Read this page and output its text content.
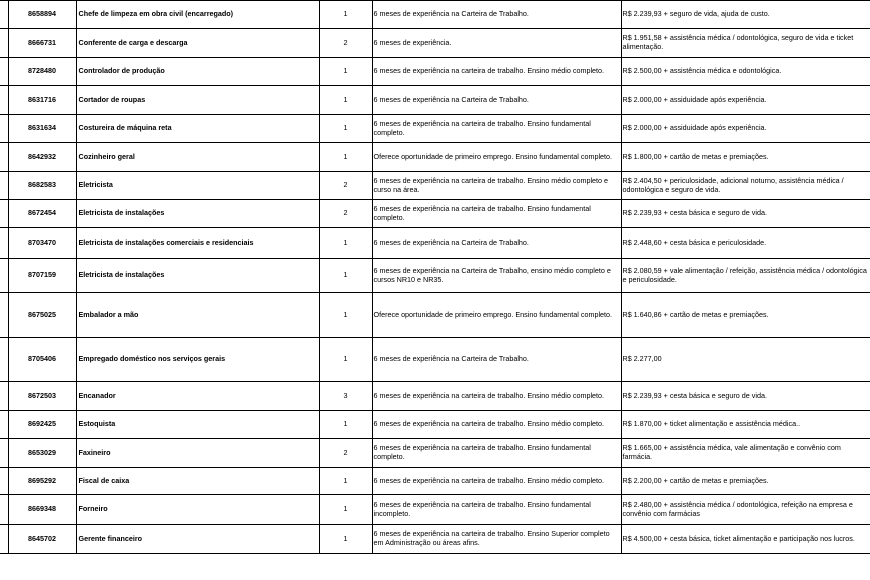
	8658894	Chefe de limpeza em obra civil (encarregado)	1	6 meses de experiência na Carteira de Trabalho.	R$ 2.239,93 + seguro de vida, ajuda de custo.	
	8666731	Conferente de carga e descarga	2	6 meses de experiência.	R$ 1.951,58 + assistência médica / odontológica, seguro de vida e ticket alimentação.	
	8728480	Controlador de produção	1	6 meses de experiência na carteira de trabalho. Ensino médio completo.	R$ 2.500,00 + assistência médica e odontológica.	
	8631716	Cortador de roupas	1	6 meses de experiência na Carteira de Trabalho.	R$ 2.000,00 + assiduidade após experiência.	
	8631634	Costureira de máquina reta	1	6 meses de experiência na carteira de trabalho. Ensino fundamental completo.	R$ 2.000,00 + assiduidade após experiência.	
	8642932	Cozinheiro geral	1	Oferece oportunidade de primeiro emprego. Ensino fundamental completo.	R$ 1.800,00 + cartão de metas e premiações.	
	8682583	Eletricista	2	6 meses de experiência na carteira de trabalho. Ensino médio completo e curso na área.	R$ 2.404,50 + periculosidade, adicional noturno, assistência médica / odontológica e seguro de vida.	
	8672454	Eletricista de instalações	2	6 meses de experiência na carteira de trabalho. Ensino fundamental completo.	R$ 2.239,93 + cesta básica e seguro de vida.	
	8703470	Eletricista de instalações comerciais e residenciais	1	6 meses de experiência na Carteira de Trabalho.	R$ 2.448,60 + cesta básica e periculosidade.	
	8707159	Eletricista de instalações	1	6 meses de experiência na Carteira de Trabalho, ensino médio completo e cursos NR10 e NR35.	R$ 2.080,59 + vale alimentação / refeição, assistência médica / odontológica e periculosidade.	
	8675025	Embalador a mão	1	Oferece oportunidade de primeiro emprego. Ensino fundamental completo.	R$ 1.640,86 + cartão de metas e premiações.	
	8705406	Empregado doméstico nos serviços gerais	1	6 meses de experiência na Carteira de Trabalho.	R$ 2.277,00	
	8672503	Encanador	3	6 meses de experiência na carteira de trabalho. Ensino médio completo.	R$ 2.239,93 + cesta básica e seguro de vida.	
	8692425	Estoquista	1	6 meses de experiência na carteira de trabalho. Ensino médio completo.	R$ 1.870,00 + ticket alimentação e assistência médica..	
	8653029	Faxineiro	2	6 meses de experiência na carteira de trabalho. Ensino fundamental completo.	R$ 1.665,00 + assistência médica, vale alimentação e convênio com farmácia.	
	8695292	Fiscal de caixa	1	6 meses de experiência na carteira de trabalho. Ensino médio completo.	R$ 2.200,00 + cartão de metas e premiações.	
	8669348	Forneiro	1	6 meses de experiência na carteira de trabalho. Ensino fundamental incompleto.	R$ 2.480,00 + assistência médica / odontológica, refeição na empresa e convênio com farmácias	
	8645702	Gerente financeiro	1	6 meses de experiência na carteira de trabalho. Ensino Superior completo em Administração ou áreas afins.	R$ 4.500,00 + cesta básica, ticket alimentação e participação nos lucros.	
